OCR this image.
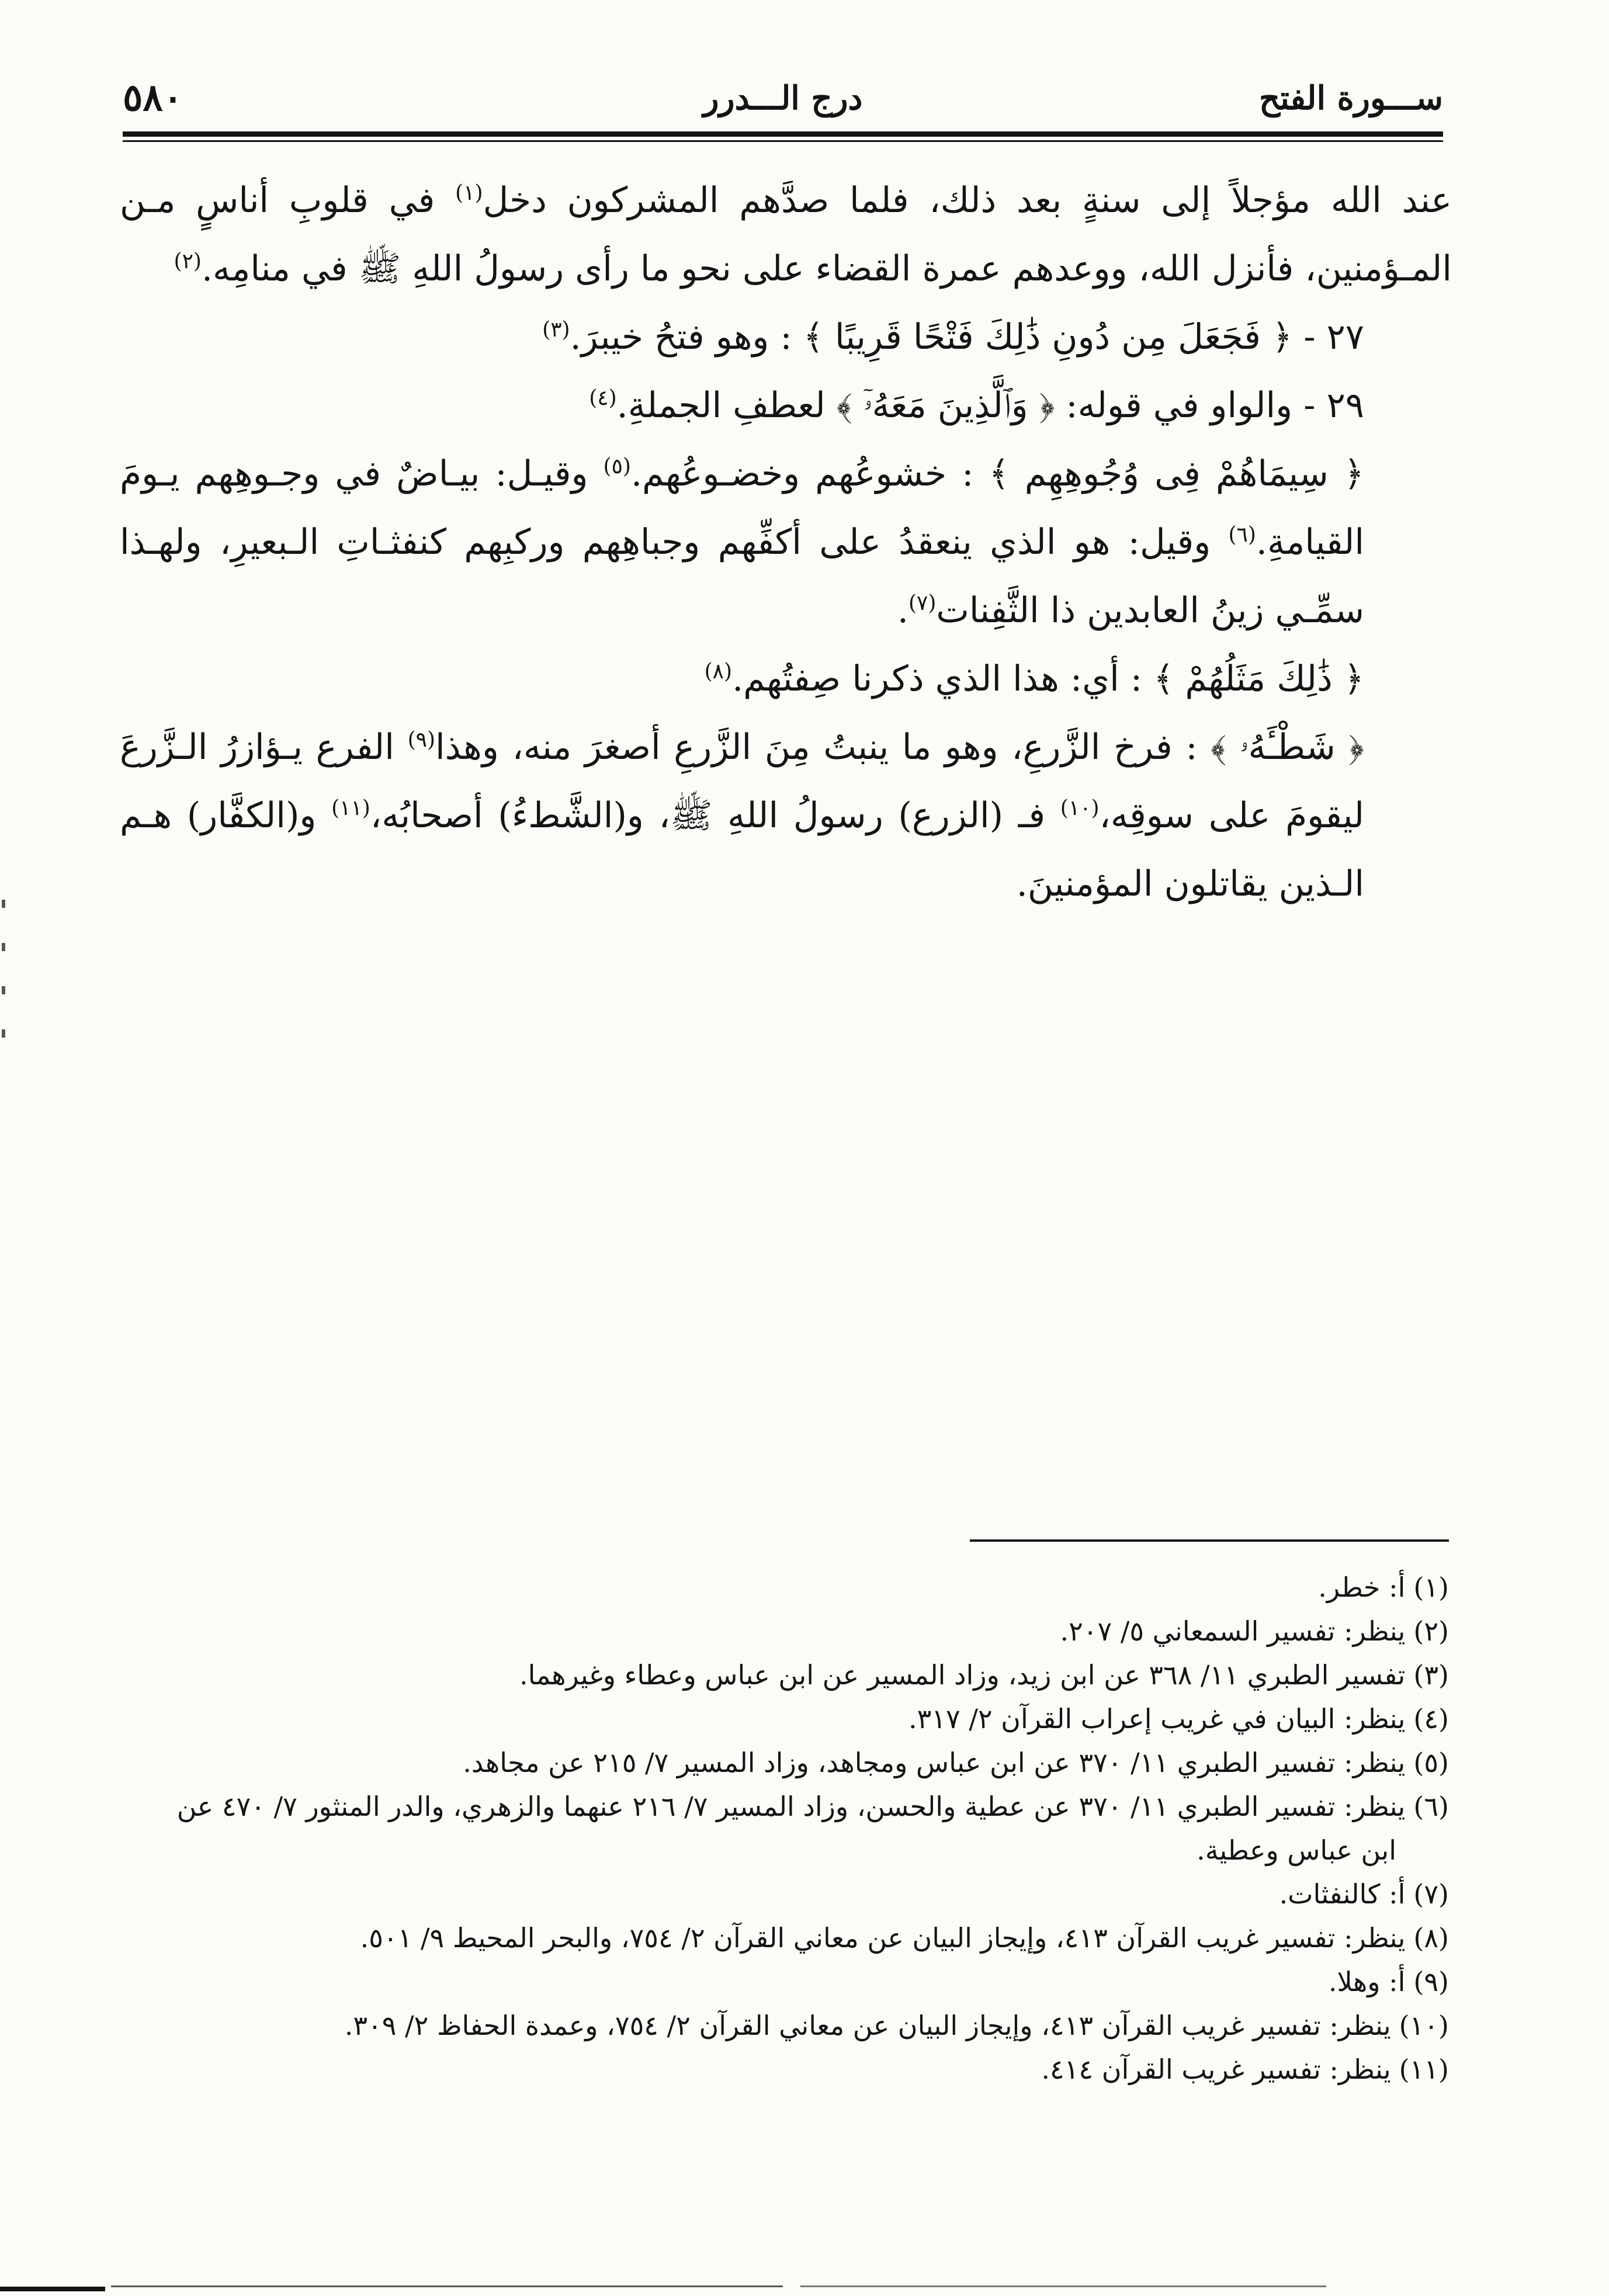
٥٨٠	درج الـــدرر	ســـورة الفتح

عند الله مؤجلاً إلى سنةٍ بعد ذلك، فلما صدَّهم المشركون دخل$^{(١)}$ في قلوبِ أناسٍ مـن المـؤمنين، فأنزل الله، ووعدهم عمرة القضاء على نحو ما رأى رسولُ اللهِ ﷺ في منامِه.$^{(٢)}$

٢٧ - ﴿ فَجَعَلَ مِن دُونِ ذَٰلِكَ فَتْحًا قَرِيبًا ﴾ : وهو فتحُ خيبرَ.$^{(٣)}$

٢٩ - والواو في قوله: ﴿ وَٱلَّذِينَ مَعَهُۥٓ ﴾ لعطفِ الجملةِ.$^{(٤)}$

﴿ سِيمَاهُمْ فِى وُجُوهِهِم ﴾ : خشوعُهم وخضـوعُهم.$^{(٥)}$ وقيـل: بيـاضٌ في وجـوهِهم يـومَ القيامةِ.$^{(٦)}$ وقيل: هو الذي ينعقدُ على أكفِّهم وجباهِهم وركبِهم كنفثـاتِ الـبعيرِ، ولهـذا سمِّـي زينُ العابدين ذا الثَّفِنات$^{(٧)}$.

﴿ ذَٰلِكَ مَثَلُهُمْ ﴾ : أي: هذا الذي ذكرنا صِفتُهم.$^{(٨)}$

﴿ شَطْـَٔهُۥ ﴾ : فرخ الزَّرعِ، وهو ما ينبتُ مِنَ الزَّرعِ أصغرَ منه، وهذا$^{(٩)}$ الفرع يـؤازرُ الـزَّرعَ ليقومَ على سوقِه،$^{(١٠)}$ فـ (الزرع) رسولُ اللهِ ﷺ، و(الشَّطءُ) أصحابُه،$^{(١١)}$ و(الكفَّار) هـم الـذين يقاتلون المؤمنينَ.

(١)أ: خطر.

(٢)ينظر: تفسير السمعاني ٥/ ٢٠٧.

(٣)تفسير الطبري ١١/ ٣٦٨ عن ابن زيد، وزاد المسير عن ابن عباس وعطاء وغيرهما.

(٤)ينظر: البيان في غريب إعراب القرآن ٢/ ٣١٧.

(٥)ينظر: تفسير الطبري ١١/ ٣٧٠ عن ابن عباس ومجاهد، وزاد المسير ٧/ ٢١٥ عن مجاهد.

(٦)ينظر: تفسير الطبري ١١/ ٣٧٠ عن عطية والحسن، وزاد المسير ٧/ ٢١٦ عنهما والزهري، والدر المنثور ٧/ ٤٧٠ عن

ابن عباس وعطية.

(٧)أ: كالنفثات.

(٨)ينظر: تفسير غريب القرآن ٤١٣، وإيجاز البيان عن معاني القرآن ٢/ ٧٥٤، والبحر المحيط ٩/ ٥٠١.

(٩)أ: وهلا.

(١٠)ينظر: تفسير غريب القرآن ٤١٣، وإيجاز البيان عن معاني القرآن ٢/ ٧٥٤، وعمدة الحفاظ ٢/ ٣٠٩.

(١١)ينظر: تفسير غريب القرآن ٤١٤.
